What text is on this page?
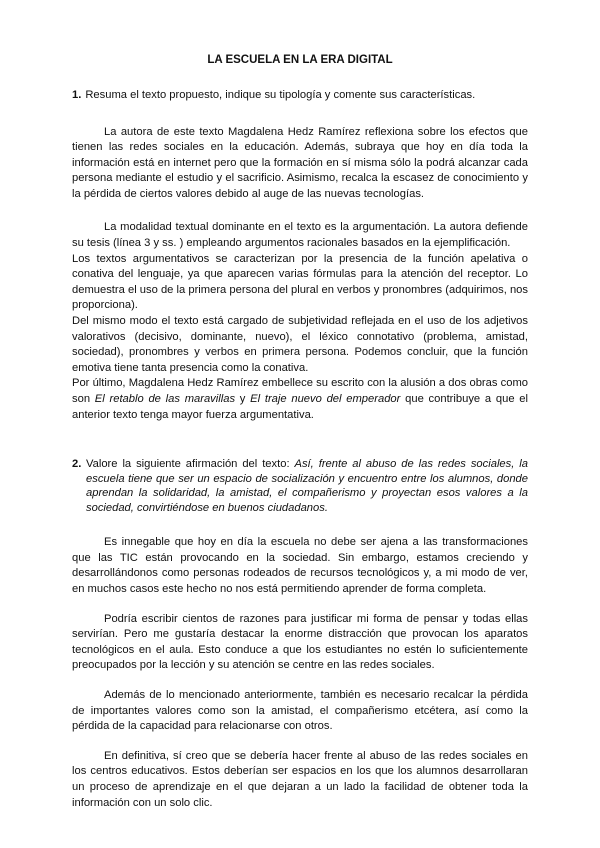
LA ESCUELA EN LA ERA DIGITAL
1. Resuma el texto propuesto, indique su tipología y comente sus características.

La autora de este texto Magdalena Hedz Ramírez reflexiona sobre los efectos que tienen las redes sociales en la educación. Además, subraya que hoy en día toda la información está en internet pero que la formación en sí misma sólo la podrá alcanzar cada persona mediante el estudio y el sacrificio. Asimismo, recalca la escasez de conocimiento y la pérdida de ciertos valores debido al auge de las nuevas tecnologías.

La modalidad textual dominante en el texto es la argumentación. La autora defiende su tesis (línea 3 y ss. ) empleando argumentos racionales basados en la ejemplificación.

Los textos argumentativos se caracterizan por la presencia de la función apelativa o conativa del lenguaje, ya que aparecen varias fórmulas para la atención del receptor. Lo demuestra el uso de la primera persona del plural en verbos y pronombres (adquirimos, nos proporciona).

Del mismo modo el texto está cargado de subjetividad reflejada en el uso de los adjetivos valorativos (decisivo, dominante, nuevo), el léxico connotativo (problema, amistad, sociedad), pronombres y verbos en primera persona. Podemos concluir, que la función emotiva tiene tanta presencia como la conativa.

Por último, Magdalena Hedz Ramírez embellece su escrito con la alusión a dos obras como son El retablo de las maravillas y El traje nuevo del emperador que contribuye a que el anterior texto tenga mayor fuerza argumentativa.

2. Valore la siguiente afirmación del texto: Así, frente al abuso de las redes sociales, la escuela tiene que ser un espacio de socialización y encuentro entre los alumnos, donde aprendan la solidaridad, la amistad, el compañerismo y proyectan esos valores a la sociedad, convirtiéndose en buenos ciudadanos.

Es innegable que hoy en día la escuela no debe ser ajena a las transformaciones que las TIC están provocando en la sociedad. Sin embargo, estamos creciendo y desarrollándonos como personas rodeados de recursos tecnológicos y, a mi modo de ver, en muchos casos este hecho no nos está permitiendo aprender de forma completa.

Podría escribir cientos de razones para justificar mi forma de pensar y todas ellas servirían. Pero me gustaría destacar la enorme distracción que provocan los aparatos tecnológicos en el aula. Esto conduce a que los estudiantes no estén lo suficientemente preocupados por la lección y su atención se centre en las redes sociales.

Además de lo mencionado anteriormente, también es necesario recalcar la pérdida de importantes valores como son la amistad, el compañerismo etcétera, así como la pérdida de la capacidad para relacionarse con otros.

En definitiva, sí creo que se debería hacer frente al abuso de las redes sociales en los centros educativos. Estos deberían ser espacios en los que los alumnos desarrollaran un proceso de aprendizaje en el que dejaran a un lado la facilidad de obtener toda la información con un solo clic.
